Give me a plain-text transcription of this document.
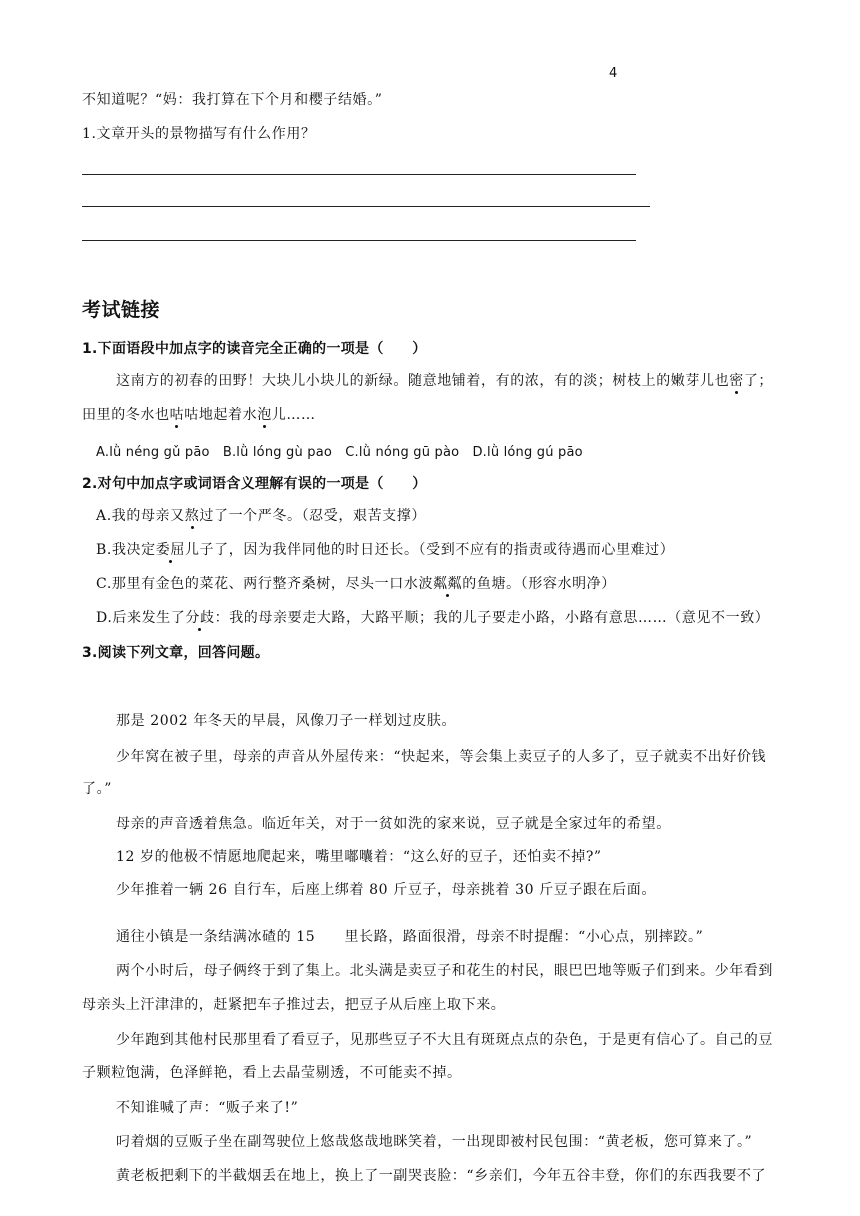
4
不知道呢？“妈：我打算在下个月和樱子结婚。”
1.文章开头的景物描写有什么作用？
考试链接
1.下面语段中加点字的读音完全正确的一项是（　　）
这南方的初春的田野！大块儿小块儿的新绿。随意地铺着，有的浓，有的淡；树枝上的嫩芽儿也密了；
田里的冬水也咕咕地起着水泡儿……
A.lǜ néng gǔ pāo　B.lǜ lóng gù pao　C.lǜ nóng gū pào　D.lǜ lóng gú pāo
2.对句中加点字或词语含义理解有误的一项是（　　）
A.我的母亲又熬过了一个严冬。（忍受，艰苦支撑）
B.我决定委屈儿子了，因为我伴同他的时日还长。（受到不应有的指责或待遇而心里难过）
C.那里有金色的菜花、两行整齐桑树，尽头一口水波粼粼的鱼塘。（形容水明净）
D.后来发生了分歧：我的母亲要走大路，大路平顺；我的儿子要走小路，小路有意思……（意见不一致）
3.阅读下列文章，回答问题。
那是 2002 年冬天的早晨，风像刀子一样划过皮肤。
少年窝在被子里，母亲的声音从外屋传来：“快起来，等会集上卖豆子的人多了，豆子就卖不出好价钱
了。”
母亲的声音透着焦急。临近年关，对于一贫如洗的家来说，豆子就是全家过年的希望。
12 岁的他极不情愿地爬起来，嘴里嘟囔着：“这么好的豆子，还怕卖不掉?”
少年推着一辆 26 自行车，后座上绑着 80 斤豆子，母亲挑着 30 斤豆子跟在后面。
通往小镇是一条结满冰碴的 15　　里长路，路面很滑，母亲不时提醒：“小心点，别摔跤。”
两个小时后，母子俩终于到了集上。北头满是卖豆子和花生的村民，眼巴巴地等贩子们到来。少年看到
母亲头上汗津津的，赶紧把车子推过去，把豆子从后座上取下来。
少年跑到其他村民那里看了看豆子，见那些豆子不大且有斑斑点点的杂色，于是更有信心了。自己的豆
子颗粒饱满，色泽鲜艳，看上去晶莹剔透，不可能卖不掉。
不知谁喊了声：“贩子来了!”
叼着烟的豆贩子坐在副驾驶位上悠哉悠哉地眯笑着，一出现即被村民包围：“黄老板，您可算来了。”
黄老板把剩下的半截烟丢在地上，换上了一副哭丧脸：“乡亲们，今年五谷丰登，你们的东西我要不了
